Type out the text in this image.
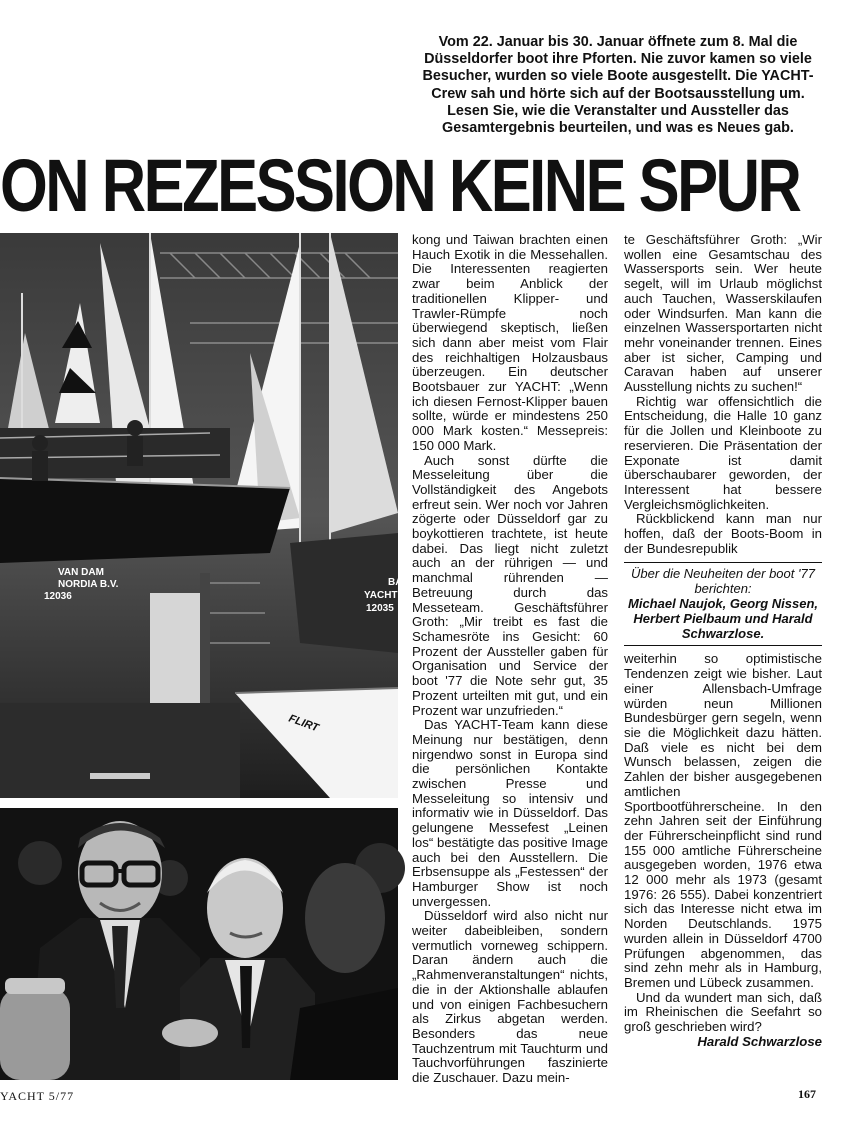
Vom 22. Januar bis 30. Januar öffnete zum 8. Mal die Düsseldorfer boot ihre Pforten. Nie zuvor kamen so viele Besucher, wurden so viele Boote ausgestellt. Die YACHT-Crew sah und hörte sich auf der Bootsausstellung um. Lesen Sie, wie die Veranstalter und Aussteller das Gesamtergebnis beurteilen, und was es Neues gab.

ON REZESSION KEINE SPUR
VAN DAM
NORDIA B.V.
12036
BA
YACHT
12035
FLIRT

kong und Taiwan brachten einen Hauch Exotik in die Messehallen. Die Interessenten reagierten zwar beim Anblick der traditionellen Klipper- und Trawler-Rümpfe noch überwiegend skeptisch, ließen sich dann aber meist vom Flair des reichhaltigen Holzausbaus überzeugen. Ein deutscher Bootsbauer zur YACHT: „Wenn ich diesen Fernost-Klipper bauen sollte, würde er mindestens 250 000 Mark kosten.“ Messepreis: 150 000 Mark.

Auch sonst dürfte die Messeleitung über die Vollständigkeit des Angebots erfreut sein. Wer noch vor Jahren zögerte oder Düsseldorf gar zu boykottieren trachtete, ist heute dabei. Das liegt nicht zuletzt auch an der rührigen — und manchmal rührenden — Betreuung durch das Messeteam. Geschäftsführer Groth: „Mir treibt es fast die Schamesröte ins Gesicht: 60 Prozent der Aussteller gaben für Organisation und Service der boot '77 die Note sehr gut, 35 Prozent urteilten mit gut, und ein Prozent war unzufrieden.“

Das YACHT-Team kann diese Meinung nur bestätigen, denn nirgendwo sonst in Europa sind die persönlichen Kontakte zwischen Presse und Messeleitung so intensiv und informativ wie in Düsseldorf. Das gelungene Messefest „Leinen los“ bestätigte das positive Image auch bei den Ausstellern. Die Erbsensuppe als „Festessen“ der Hamburger Show ist noch unvergessen.

Düsseldorf wird also nicht nur weiter dabeibleiben, sondern vermutlich vorneweg schippern. Daran ändern auch die „Rahmenveranstaltungen“ nichts, die in der Aktionshalle ablaufen und von einigen Fachbesuchern als Zirkus abgetan werden. Besonders das neue Tauchzentrum mit Tauchturm und Tauchvorführungen faszinierte die Zuschauer. Dazu mein-

te Geschäftsführer Groth: „Wir wollen eine Gesamtschau des Wassersports sein. Wer heute segelt, will im Urlaub möglichst auch Tauchen, Wasserskilaufen oder Windsurfen. Man kann die einzelnen Wassersportarten nicht mehr voneinander trennen. Eines aber ist sicher, Camping und Caravan haben auf unserer Ausstellung nichts zu suchen!“

Richtig war offensichtlich die Entscheidung, die Halle 10 ganz für die Jollen und Kleinboote zu reservieren. Die Präsentation der Exponate ist damit überschaubarer geworden, der Interessent hat bessere Vergleichsmöglichkeiten.

Rückblickend kann man nur hoffen, daß der Boots-Boom in der Bundesrepublik

Über die Neuheiten der boot '77 berichten:
Michael Naujok, Georg Nissen, Herbert Pielbaum und Harald Schwarzlose.

weiterhin so optimistische Tendenzen zeigt wie bisher. Laut einer Allensbach-Umfrage würden neun Millionen Bundesbürger gern segeln, wenn sie die Möglichkeit dazu hätten. Daß viele es nicht bei dem Wunsch belassen, zeigen die Zahlen der bisher ausgegebenen amtlichen Sportbootführerscheine. In den zehn Jahren seit der Einführung der Führerscheinpflicht sind rund 155 000 amtliche Führerscheine ausgegeben worden, 1976 etwa 12 000 mehr als 1973 (gesamt 1976: 26 555). Dabei konzentriert sich das Interesse nicht etwa im Norden Deutschlands. 1975 wurden allein in Düsseldorf 4700 Prüfungen abgenommen, das sind zehn mehr als in Hamburg, Bremen und Lübeck zusammen.

Und da wundert man sich, daß im Rheinischen die Seefahrt so groß geschrieben wird?
Harald Schwarzlose

YACHT 5/77	167
